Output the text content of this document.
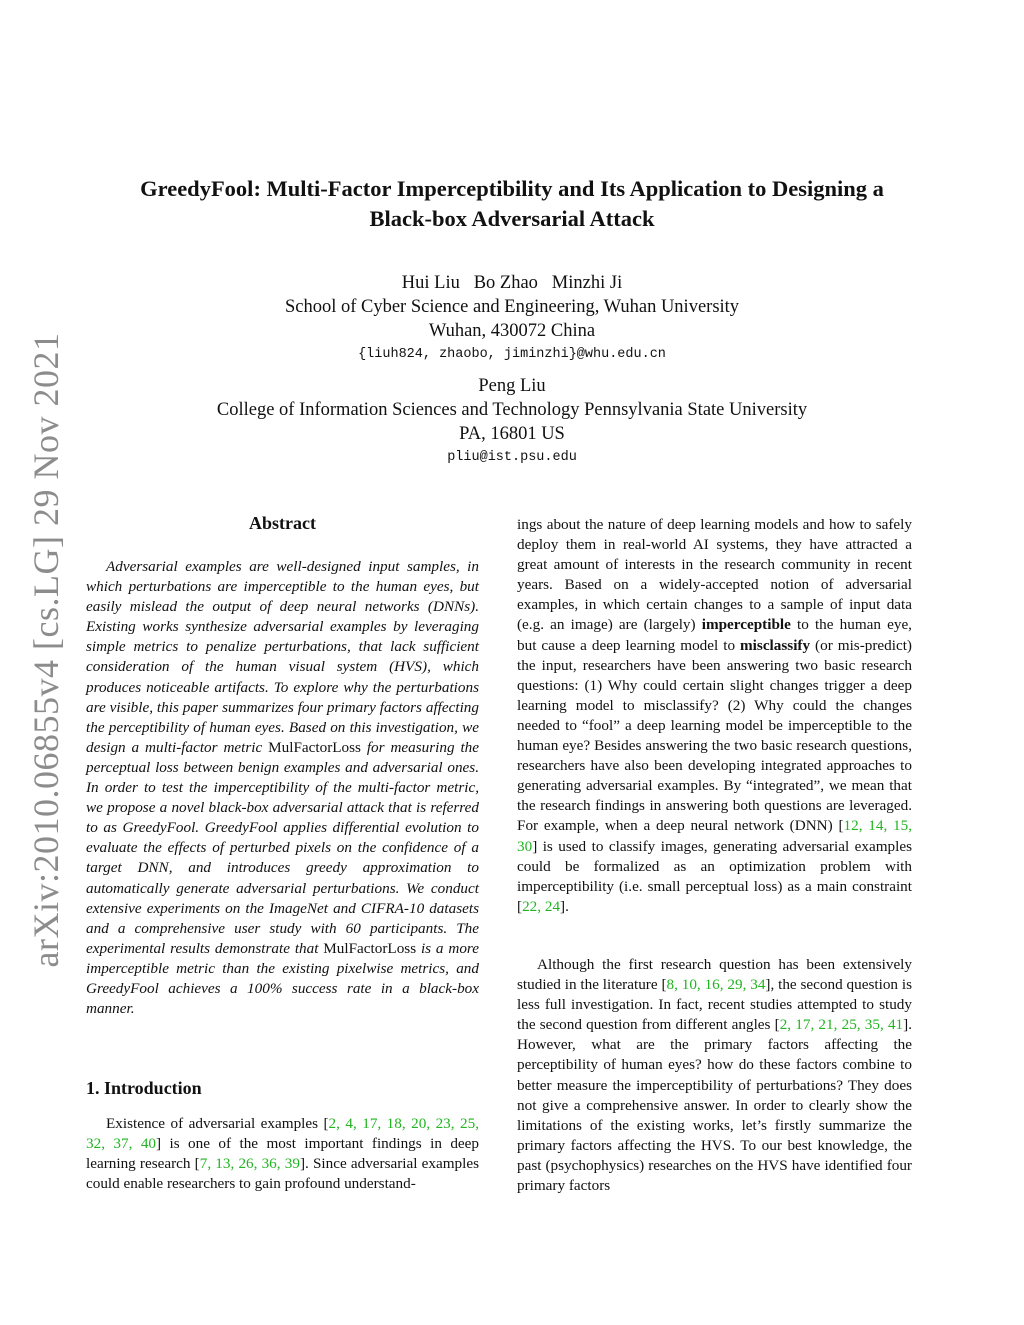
arXiv:2010.06855v4 [cs.LG] 29 Nov 2021
GreedyFool: Multi-Factor Imperceptibility and Its Application to Designing a
Black-box Adversarial Attack
Hui Liu   Bo Zhao   Minzhi Ji
School of Cyber Science and Engineering, Wuhan University
Wuhan, 430072 China
{liuh824, zhaobo, jiminzhi}@whu.edu.cn
Peng Liu
College of Information Sciences and Technology Pennsylvania State University
PA, 16801 US
pliu@ist.psu.edu
Abstract

Adversarial examples are well-designed input samples, in which perturbations are imperceptible to the human eyes, but easily mislead the output of deep neural networks (DNNs). Existing works synthesize adversarial examples by leveraging simple metrics to penalize perturbations, that lack sufficient consideration of the human visual system (HVS), which produces noticeable artifacts. To explore why the perturbations are visible, this paper summarizes four primary factors affecting the perceptibility of human eyes. Based on this investigation, we design a multi-factor metric MulFactorLoss for measuring the perceptual loss between benign examples and adversarial ones. In order to test the imperceptibility of the multi-factor metric, we propose a novel black-box adversarial attack that is referred to as GreedyFool. GreedyFool applies differential evolution to evaluate the effects of perturbed pixels on the confidence of a target DNN, and introduces greedy approximation to automatically generate adversarial perturbations. We conduct extensive experiments on the ImageNet and CIFRA-10 datasets and a comprehensive user study with 60 participants. The experimental results demonstrate that MulFactorLoss is a more imperceptible metric than the existing pixelwise metrics, and GreedyFool achieves a 100% success rate in a black-box manner.

1. Introduction

Existence of adversarial examples [2, 4, 17, 18, 20, 23, 25, 32, 37, 40] is one of the most important findings in deep learning research [7, 13, 26, 36, 39]. Since adversarial examples could enable researchers to gain profound understand-

ings about the nature of deep learning models and how to safely deploy them in real-world AI systems, they have attracted a great amount of interests in the research community in recent years. Based on a widely-accepted notion of adversarial examples, in which certain changes to a sample of input data (e.g. an image) are (largely) imperceptible to the human eye, but cause a deep learning model to misclassify (or mis-predict) the input, researchers have been answering two basic research questions: (1) Why could certain slight changes trigger a deep learning model to misclassify? (2) Why could the changes needed to “fool” a deep learning model be imperceptible to the human eye? Besides answering the two basic research questions, researchers have also been developing integrated approaches to generating adversarial examples. By “integrated”, we mean that the research findings in answering both questions are leveraged. For example, when a deep neural network (DNN) [12, 14, 15, 30] is used to classify images, generating adversarial examples could be formalized as an optimization problem with imperceptibility (i.e. small perceptual loss) as a main constraint [22, 24].

Although the first research question has been extensively studied in the literature [8, 10, 16, 29, 34], the second question is less full investigation. In fact, recent studies attempted to study the second question from different angles [2, 17, 21, 25, 35, 41]. However, what are the primary factors affecting the perceptibility of human eyes? how do these factors combine to better measure the imperceptibility of perturbations? They does not give a comprehensive answer. In order to clearly show the limitations of the existing works, let’s firstly summarize the primary factors affecting the HVS. To our best knowledge, the past (psychophysics) researches on the HVS have identified four primary factors
